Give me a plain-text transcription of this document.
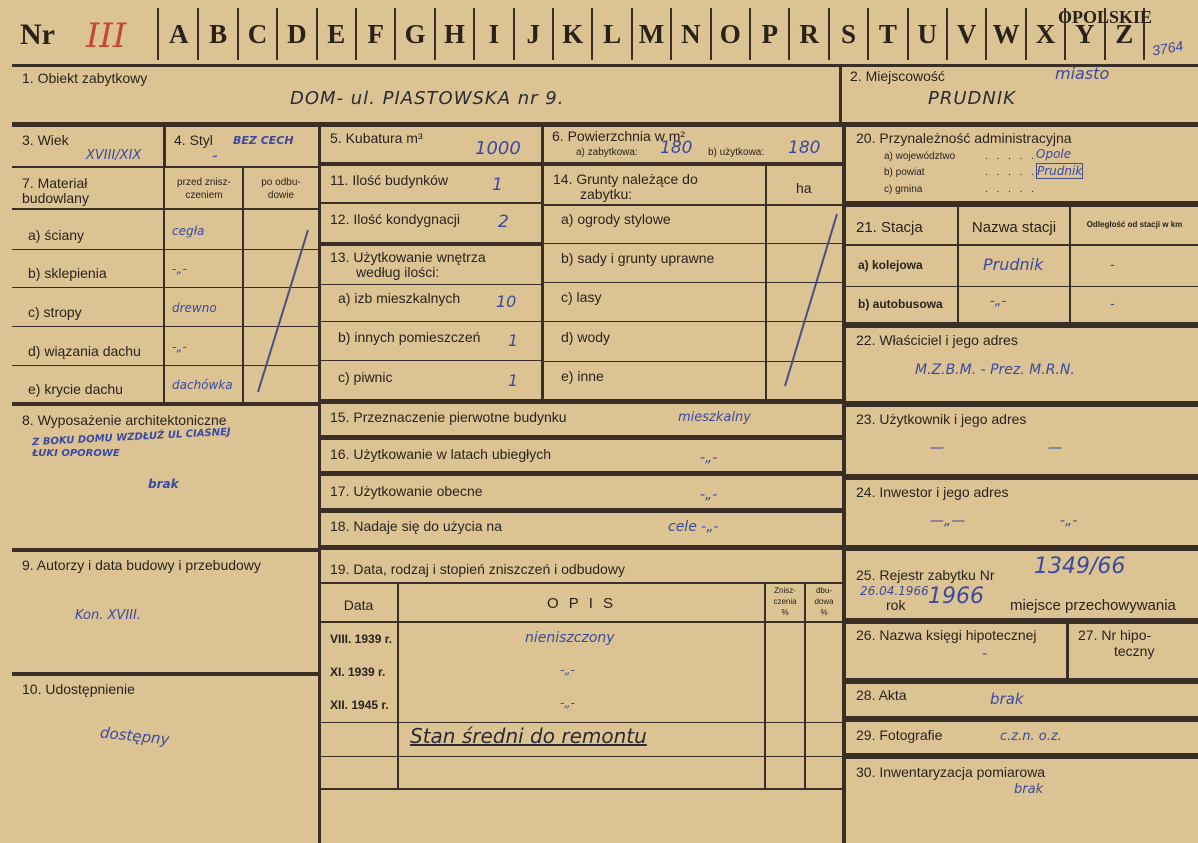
Nr III	A B C D E F G H I	J K L M N O P R S T U V W X Y Z
OPOLSKIE
3764
1. Obiekt zabytkowy
DOM- ul. PIASTOWSKA nr 9.
2. Miejscowość	miasto
PRUDNIK
3. Wiek
XVIII/XIX
4. Styl BEZ CECH
-
7. Materiał
budowlany
przed znisz-
czeniem
po odbu-
dowie
a) ściany	cegła
b) sklepienia	-„-
c) stropy	drewno
d) wiązania dachu	-„-
e) krycie dachu	dachówka
8. Wyposażenie architektoniczne
Z BOKU DOMU WZDŁUŻ UL CIASNEJ
ŁUKI OPOROWE
brak
9. Autorzy i data budowy i przebudowy
Kon. XVIII.
10. Udostępnienie
dostępny
5. Kubatura m³	1000
6. Powierzchnia w m²
a) zabytkowa: 180 b) użytkowa: 180
11. Ilość budynków	1
12. Ilość kondygnacji 2
13. Użytkowanie wnętrza
według ilości:
a) izb mieszkalnych 10
b) innych pomieszczeń 1
c) piwnic	1
14. Grunty należące do
zabytku:	ha
a) ogrody stylowe
b) sady i grunty uprawne
c) lasy
d) wody
e) inne
15. Przeznaczenie pierwotne budynku	mieszkalny
16. Użytkowanie w latach ubiegłych	-„-
17. Użytkowanie obecne	-„-
18. Nadaje się do użycia na	cele -„-
19. Data, rodzaj i stopień zniszczeń i odbudowy
Data	O P I S
Znisz-
czenia
%
dbu-
dowa
%
VIII. 1939 r.	nieniszczony
XI. 1939 r.	-„-
XII. 1945 r.	-„-
Stan średni do remontu
20. Przynależność administracyjna
a) województwo	. . . . .
Opole
b) powiat	. . . . . Prudnik
c) gmina	. . . . .
21. Stacja	Nazwa stacji	Odległość od stacji w km
a) kolejowa	Prudnik	-
b) autobusowa	-„-	-
22. Właściciel i jego adres
M.Z.B.M. - Prez. M.R.N.
23. Użytkownik i jego adres
—	—
24. Inwestor i jego adres
—„—	-„-
25. Rejestr zabytku Nr 1349/66
26.04.1966
rok 1966 miejsce przechowywania
26. Nazwa księgi hipotecznej
-
27. Nr hipo-
teczny
28. Akta	brak
29. Fotografie	c.z.n. o.z.
30. Inwentaryzacja pomiarowa
brak
